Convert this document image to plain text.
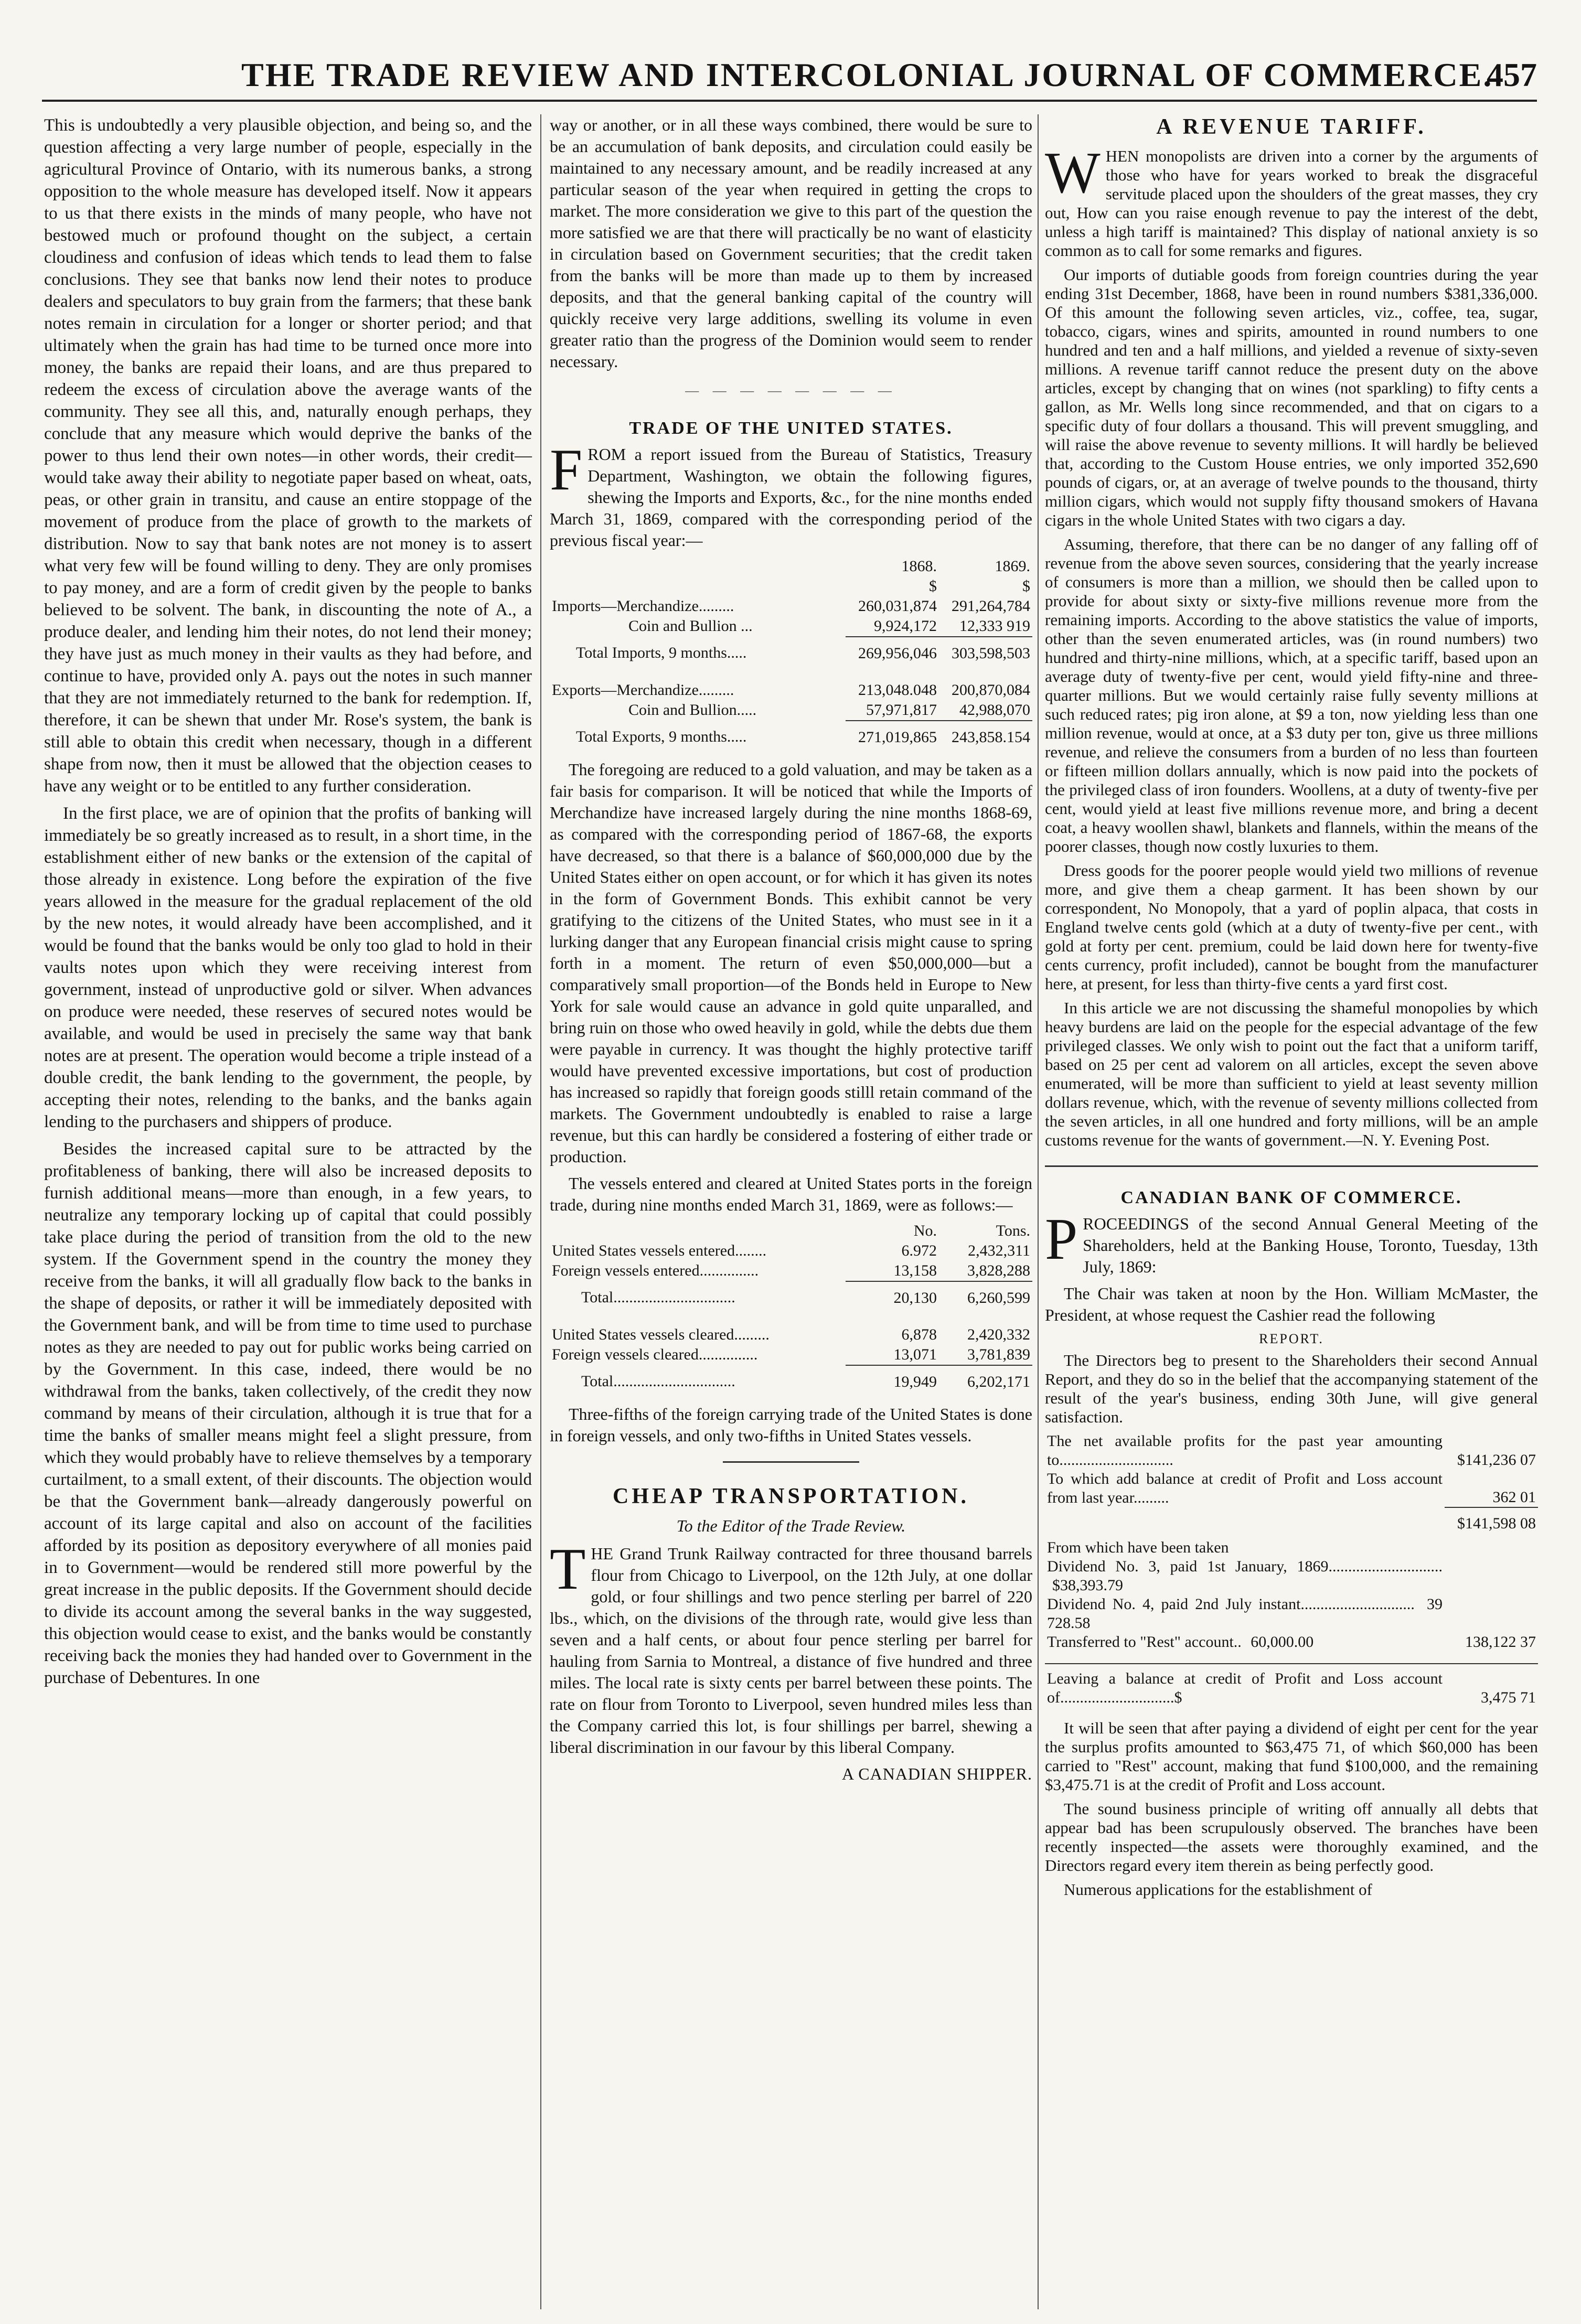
THE TRADE REVIEW AND INTERCOLONIAL JOURNAL OF COMMERCE.
457

This is undoubtedly a very plausible objection, and being so, and the question affecting a very large number of people, especially in the agricultural Province of Ontario, with its numerous banks, a strong opposition to the whole measure has developed itself. Now it appears to us that there exists in the minds of many people, who have not bestowed much or profound thought on the subject, a certain cloudiness and confusion of ideas which tends to lead them to false conclusions. They see that banks now lend their notes to produce dealers and speculators to buy grain from the farmers; that these bank notes remain in circulation for a longer or shorter period; and that ultimately when the grain has had time to be turned once more into money, the banks are repaid their loans, and are thus prepared to redeem the excess of circulation above the average wants of the community. They see all this, and, naturally enough perhaps, they conclude that any measure which would deprive the banks of the power to thus lend their own notes—in other words, their credit—would take away their ability to negotiate paper based on wheat, oats, peas, or other grain in transitu, and cause an entire stoppage of the movement of produce from the place of growth to the markets of distribution. Now to say that bank notes are not money is to assert what very few will be found willing to deny. They are only promises to pay money, and are a form of credit given by the people to banks believed to be solvent. The bank, in discounting the note of A., a produce dealer, and lending him their notes, do not lend their money; they have just as much money in their vaults as they had before, and continue to have, provided only A. pays out the notes in such manner that they are not immediately returned to the bank for redemption. If, therefore, it can be shewn that under Mr. Rose's system, the bank is still able to obtain this credit when necessary, though in a different shape from now, then it must be allowed that the objection ceases to have any weight or to be entitled to any further consideration.

In the first place, we are of opinion that the profits of banking will immediately be so greatly increased as to result, in a short time, in the establishment either of new banks or the extension of the capital of those already in existence. Long before the expiration of the five years allowed in the measure for the gradual replacement of the old by the new notes, it would already have been accomplished, and it would be found that the banks would be only too glad to hold in their vaults notes upon which they were receiving interest from government, instead of unproductive gold or silver. When advances on produce were needed, these reserves of secured notes would be available, and would be used in precisely the same way that bank notes are at present. The operation would become a triple instead of a double credit, the bank lending to the government, the people, by accepting their notes, relending to the banks, and the banks again lending to the purchasers and shippers of produce.

Besides the increased capital sure to be attracted by the profitableness of banking, there will also be increased deposits to furnish additional means—more than enough, in a few years, to neutralize any temporary locking up of capital that could possibly take place during the period of transition from the old to the new system. If the Government spend in the country the money they receive from the banks, it will all gradually flow back to the banks in the shape of deposits, or rather it will be immediately deposited with the Government bank, and will be from time to time used to purchase notes as they are needed to pay out for public works being carried on by the Government. In this case, indeed, there would be no withdrawal from the banks, taken collectively, of the credit they now command by means of their circulation, although it is true that for a time the banks of smaller means might feel a slight pressure, from which they would probably have to relieve themselves by a temporary curtailment, to a small extent, of their discounts. The objection would be that the Government bank—already dangerously powerful on account of its large capital and also on account of the facilities afforded by its position as depository everywhere of all monies paid in to Government—would be rendered still more powerful by the great increase in the public deposits. If the Government should decide to divide its account among the several banks in the way suggested, this objection would cease to exist, and the banks would be constantly receiving back the monies they had handed over to Government in the purchase of Debentures. In one

way or another, or in all these ways combined, there would be sure to be an accumulation of bank deposits, and circulation could easily be maintained to any necessary amount, and be readily increased at any particular season of the year when required in getting the crops to market. The more consideration we give to this part of the question the more satisfied we are that there will practically be no want of elasticity in circulation based on Government securities; that the credit taken from the banks will be more than made up to them by increased deposits, and that the general banking capital of the country will quickly receive very large additions, swelling its volume in even greater ratio than the progress of the Dominion would seem to render necessary.

— — — — — — — —
TRADE OF THE UNITED STATES.

FROM a report issued from the Bureau of Statistics, Treasury Department, Washington, we obtain the following figures, shewing the Imports and Exports, &c., for the nine months ended March 31, 1869, compared with the corresponding period of the previous fiscal year:—

	1868.	1869.
	$	$
Imports—Merchandize.........	260,031,874	291,264,784
Coin and Bullion ...	9,924,172	12,333 919
Total Imports, 9 months.....	269,956,046	303,598,503

Exports—Merchandize.........	213,048.048	200,870,084
Coin and Bullion.....	57,971,817	42,988,070
Total Exports, 9 months.....	271,019,865	243,858.154

The foregoing are reduced to a gold valuation, and may be taken as a fair basis for comparison. It will be noticed that while the Imports of Merchandize have increased largely during the nine months 1868-69, as compared with the corresponding period of 1867-68, the exports have decreased, so that there is a balance of $60,000,000 due by the United States either on open account, or for which it has given its notes in the form of Government Bonds. This exhibit cannot be very gratifying to the citizens of the United States, who must see in it a lurking danger that any European financial crisis might cause to spring forth in a moment. The return of even $50,000,000—but a comparatively small proportion—of the Bonds held in Europe to New York for sale would cause an advance in gold quite unparalled, and bring ruin on those who owed heavily in gold, while the debts due them were payable in currency. It was thought the highly protective tariff would have prevented excessive importations, but cost of production has increased so rapidly that foreign goods stilll retain command of the markets. The Government undoubtedly is enabled to raise a large revenue, but this can hardly be considered a fostering of either trade or production.

The vessels entered and cleared at United States ports in the foreign trade, during nine months ended March 31, 1869, were as follows:—

	No.	Tons.
United States vessels entered........	6.972	2,432,311
Foreign vessels entered...............	13,158	3,828,288
Total...............................	20,130	6,260,599

United States vessels cleared.........	6,878	2,420,332
Foreign vessels cleared...............	13,071	3,781,839
Total...............................	19,949	6,202,171

Three-fifths of the foreign carrying trade of the United States is done in foreign vessels, and only two-fifths in United States vessels.

CHEAP TRANSPORTATION.
To the Editor of the Trade Review.

THE Grand Trunk Railway contracted for three thousand barrels flour from Chicago to Liverpool, on the 12th July, at one dollar gold, or four shillings and two pence sterling per barrel of 220 lbs., which, on the divisions of the through rate, would give less than seven and a half cents, or about four pence sterling per barrel for hauling from Sarnia to Montreal, a distance of five hundred and three miles. The local rate is sixty cents per barrel between these points. The rate on flour from Toronto to Liverpool, seven hundred miles less than the Company carried this lot, is four shillings per barrel, shewing a liberal discrimination in our favour by this liberal Company.

A CANADIAN SHIPPER.

A REVENUE TARIFF.

WHEN monopolists are driven into a corner by the arguments of those who have for years worked to break the disgraceful servitude placed upon the shoulders of the great masses, they cry out, How can you raise enough revenue to pay the interest of the debt, unless a high tariff is maintained? This display of national anxiety is so common as to call for some remarks and figures.

Our imports of dutiable goods from foreign countries during the year ending 31st December, 1868, have been in round numbers $381,336,000. Of this amount the following seven articles, viz., coffee, tea, sugar, tobacco, cigars, wines and spirits, amounted in round numbers to one hundred and ten and a half millions, and yielded a revenue of sixty-seven millions. A revenue tariff cannot reduce the present duty on the above articles, except by changing that on wines (not sparkling) to fifty cents a gallon, as Mr. Wells long since recommended, and that on cigars to a specific duty of four dollars a thousand. This will prevent smuggling, and will raise the above revenue to seventy millions. It will hardly be believed that, according to the Custom House entries, we only imported 352,690 pounds of cigars, or, at an average of twelve pounds to the thousand, thirty million cigars, which would not supply fifty thousand smokers of Havana cigars in the whole United States with two cigars a day.

Assuming, therefore, that there can be no danger of any falling off of revenue from the above seven sources, considering that the yearly increase of consumers is more than a million, we should then be called upon to provide for about sixty or sixty-five millions revenue more from the remaining imports. According to the above statistics the value of imports, other than the seven enumerated articles, was (in round numbers) two hundred and thirty-nine millions, which, at a specific tariff, based upon an average duty of twenty-five per cent, would yield fifty-nine and three-quarter millions. But we would certainly raise fully seventy millions at such reduced rates; pig iron alone, at $9 a ton, now yielding less than one million revenue, would at once, at a $3 duty per ton, give us three millions revenue, and relieve the consumers from a burden of no less than fourteen or fifteen million dollars annually, which is now paid into the pockets of the privileged class of iron founders. Woollens, at a duty of twenty-five per cent, would yield at least five millions revenue more, and bring a decent coat, a heavy woollen shawl, blankets and flannels, within the means of the poorer classes, though now costly luxuries to them.

Dress goods for the poorer people would yield two millions of revenue more, and give them a cheap garment. It has been shown by our correspondent, No Monopoly, that a yard of poplin alpaca, that costs in England twelve cents gold (which at a duty of twenty-five per cent., with gold at forty per cent. premium, could be laid down here for twenty-five cents currency, profit included), cannot be bought from the manufacturer here, at present, for less than thirty-five cents a yard first cost.

In this article we are not discussing the shameful monopolies by which heavy burdens are laid on the people for the especial advantage of the few privileged classes. We only wish to point out the fact that a uniform tariff, based on 25 per cent ad valorem on all articles, except the seven above enumerated, will be more than sufficient to yield at least seventy million dollars revenue, which, with the revenue of seventy millions collected from the seven articles, in all one hundred and forty millions, will be an ample customs revenue for the wants of government.—N. Y. Evening Post.

CANADIAN BANK OF COMMERCE.

PROCEEDINGS of the second Annual General Meeting of the Shareholders, held at the Banking House, Toronto, Tuesday, 13th July, 1869:

The Chair was taken at noon by the Hon. William McMaster, the President, at whose request the Cashier read the following

REPORT.

The Directors beg to present to the Shareholders their second Annual Report, and they do so in the belief that the accompanying statement of the result of the year's business, ending 30th June, will give general satisfaction.

The net available profits for the past year amounting to.............................	$141,236 07
To which add balance at credit of Profit and Loss account from last year.........	362 01
	$141,598 08
From which have been taken	
Dividend No. 3, paid 1st January, 1869............................. $38,393.79	
Dividend No. 4, paid 2nd July instant............................. 39 728.58	
Transferred to "Rest" account.. 60,000.00	138,122 37

Leaving a balance at credit of Profit and Loss account of.............................$	3,475 71

It will be seen that after paying a dividend of eight per cent for the year the surplus profits amounted to $63,475 71, of which $60,000 has been carried to "Rest" account, making that fund $100,000, and the remaining $3,475.71 is at the credit of Profit and Loss account.

The sound business principle of writing off annually all debts that appear bad has been scrupulously observed. The branches have been recently inspected—the assets were thoroughly examined, and the Directors regard every item therein as being perfectly good.

Numerous applications for the establishment of
